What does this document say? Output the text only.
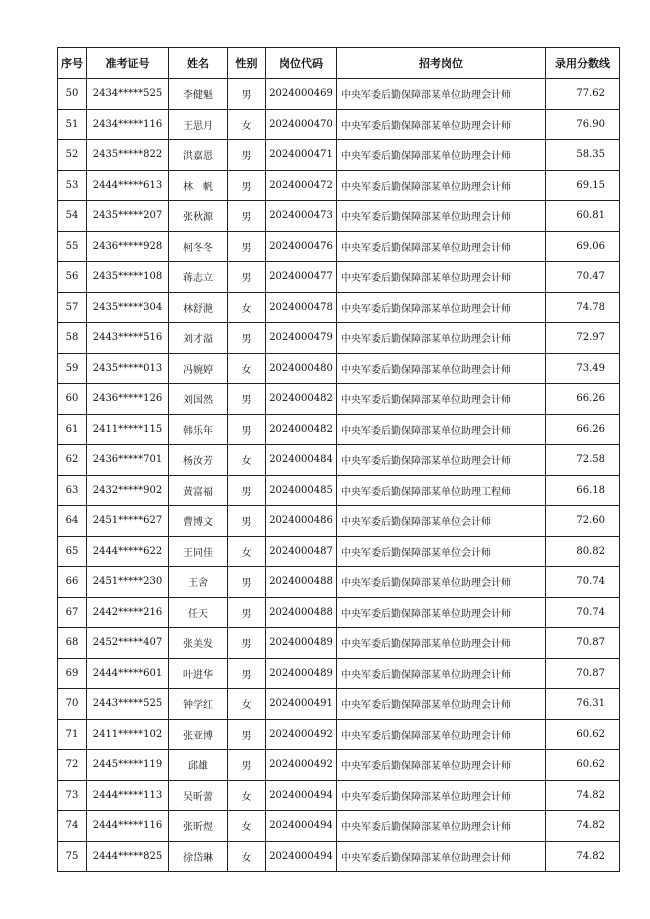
序号	准考证号	姓名	性别	岗位代码	招考岗位	录用分数线
50	2434*****525	李健魁	男	2024000469	中央军委后勤保障部某单位助理会计师	77.62
51	2434*****116	王思月	女	2024000470	中央军委后勤保障部某单位助理会计师	76.90
52	2435*****822	洪嘉恩	男	2024000471	中央军委后勤保障部某单位助理会计师	58.35
53	2444*****613	林　帆	男	2024000472	中央军委后勤保障部某单位助理会计师	69.15
54	2435*****207	张秋源	男	2024000473	中央军委后勤保障部某单位助理会计师	60.81
55	2436*****928	柯冬冬	男	2024000476	中央军委后勤保障部某单位助理会计师	69.06
56	2435*****108	蒋志立	男	2024000477	中央军委后勤保障部某单位助理会计师	70.47
57	2435*****304	林舒滟	女	2024000478	中央军委后勤保障部某单位助理会计师	74.78
58	2443*****516	刘才溢	男	2024000479	中央军委后勤保障部某单位助理会计师	72.97
59	2435*****013	冯婉婷	女	2024000480	中央军委后勤保障部某单位助理会计师	73.49
60	2436*****126	刘国然	男	2024000482	中央军委后勤保障部某单位助理会计师	66.26
61	2411*****115	韩乐年	男	2024000482	中央军委后勤保障部某单位助理会计师	66.26
62	2436*****701	杨汝芳	女	2024000484	中央军委后勤保障部某单位助理会计师	72.58
63	2432*****902	黄富福	男	2024000485	中央军委后勤保障部某单位助理工程师	66.18
64	2451*****627	曹博文	男	2024000486	中央军委后勤保障部某单位会计师	72.60
65	2444*****622	王同佳	女	2024000487	中央军委后勤保障部某单位会计师	80.82
66	2451*****230	王舍	男	2024000488	中央军委后勤保障部某单位助理会计师	70.74
67	2442*****216	任天	男	2024000488	中央军委后勤保障部某单位助理会计师	70.74
68	2452*****407	张美发	男	2024000489	中央军委后勤保障部某单位助理会计师	70.87
69	2444*****601	叶进华	男	2024000489	中央军委后勤保障部某单位助理会计师	70.87
70	2443*****525	钟学红	女	2024000491	中央军委后勤保障部某单位助理会计师	76.31
71	2411*****102	张亚博	男	2024000492	中央军委后勤保障部某单位助理会计师	60.62
72	2445*****119	邱雄	男	2024000492	中央军委后勤保障部某单位助理会计师	60.62
73	2444*****113	吴昕蕾	女	2024000494	中央军委后勤保障部某单位助理会计师	74.82
74	2444*****116	张昕煜	女	2024000494	中央军委后勤保障部某单位助理会计师	74.82
75	2444*****825	徐岱琳	女	2024000494	中央军委后勤保障部某单位助理会计师	74.82
